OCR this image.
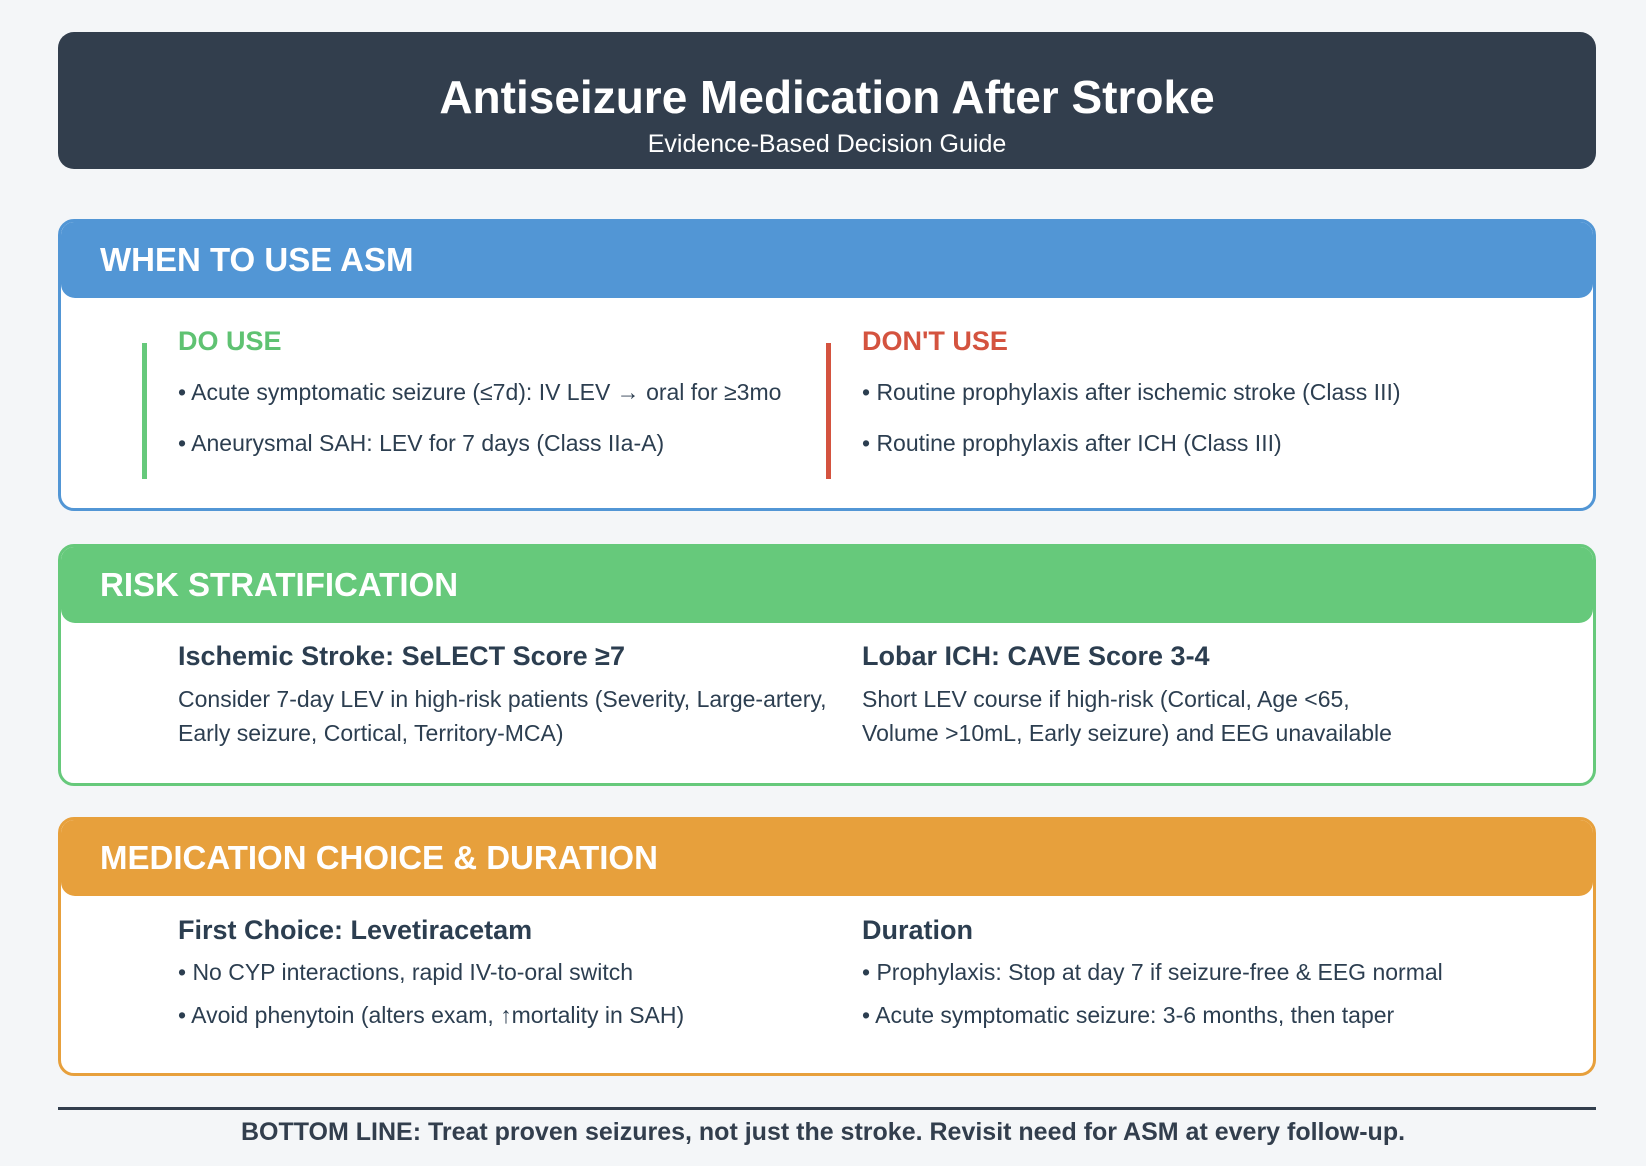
Antiseizure Medication After Stroke
Evidence-Based Decision Guide
WHEN TO USE ASM
DO USE
• Acute symptomatic seizure (≤7d): IV LEV → oral for ≥3mo
• Aneurysmal SAH: LEV for 7 days (Class IIa-A)
DON'T USE
• Routine prophylaxis after ischemic stroke (Class III)
• Routine prophylaxis after ICH (Class III)
RISK STRATIFICATION
Ischemic Stroke: SeLECT Score ≥7
Consider 7-day LEV in high-risk patients (Severity, Large-artery,
Early seizure, Cortical, Territory-MCA)
Lobar ICH: CAVE Score 3-4
Short LEV course if high-risk (Cortical, Age <65,
Volume >10mL, Early seizure) and EEG unavailable
MEDICATION CHOICE & DURATION
First Choice: Levetiracetam
• No CYP interactions, rapid IV-to-oral switch
• Avoid phenytoin (alters exam, ↑mortality in SAH)
Duration
• Prophylaxis: Stop at day 7 if seizure-free & EEG normal
• Acute symptomatic seizure: 3-6 months, then taper
BOTTOM LINE: Treat proven seizures, not just the stroke. Revisit need for ASM at every follow-up.
